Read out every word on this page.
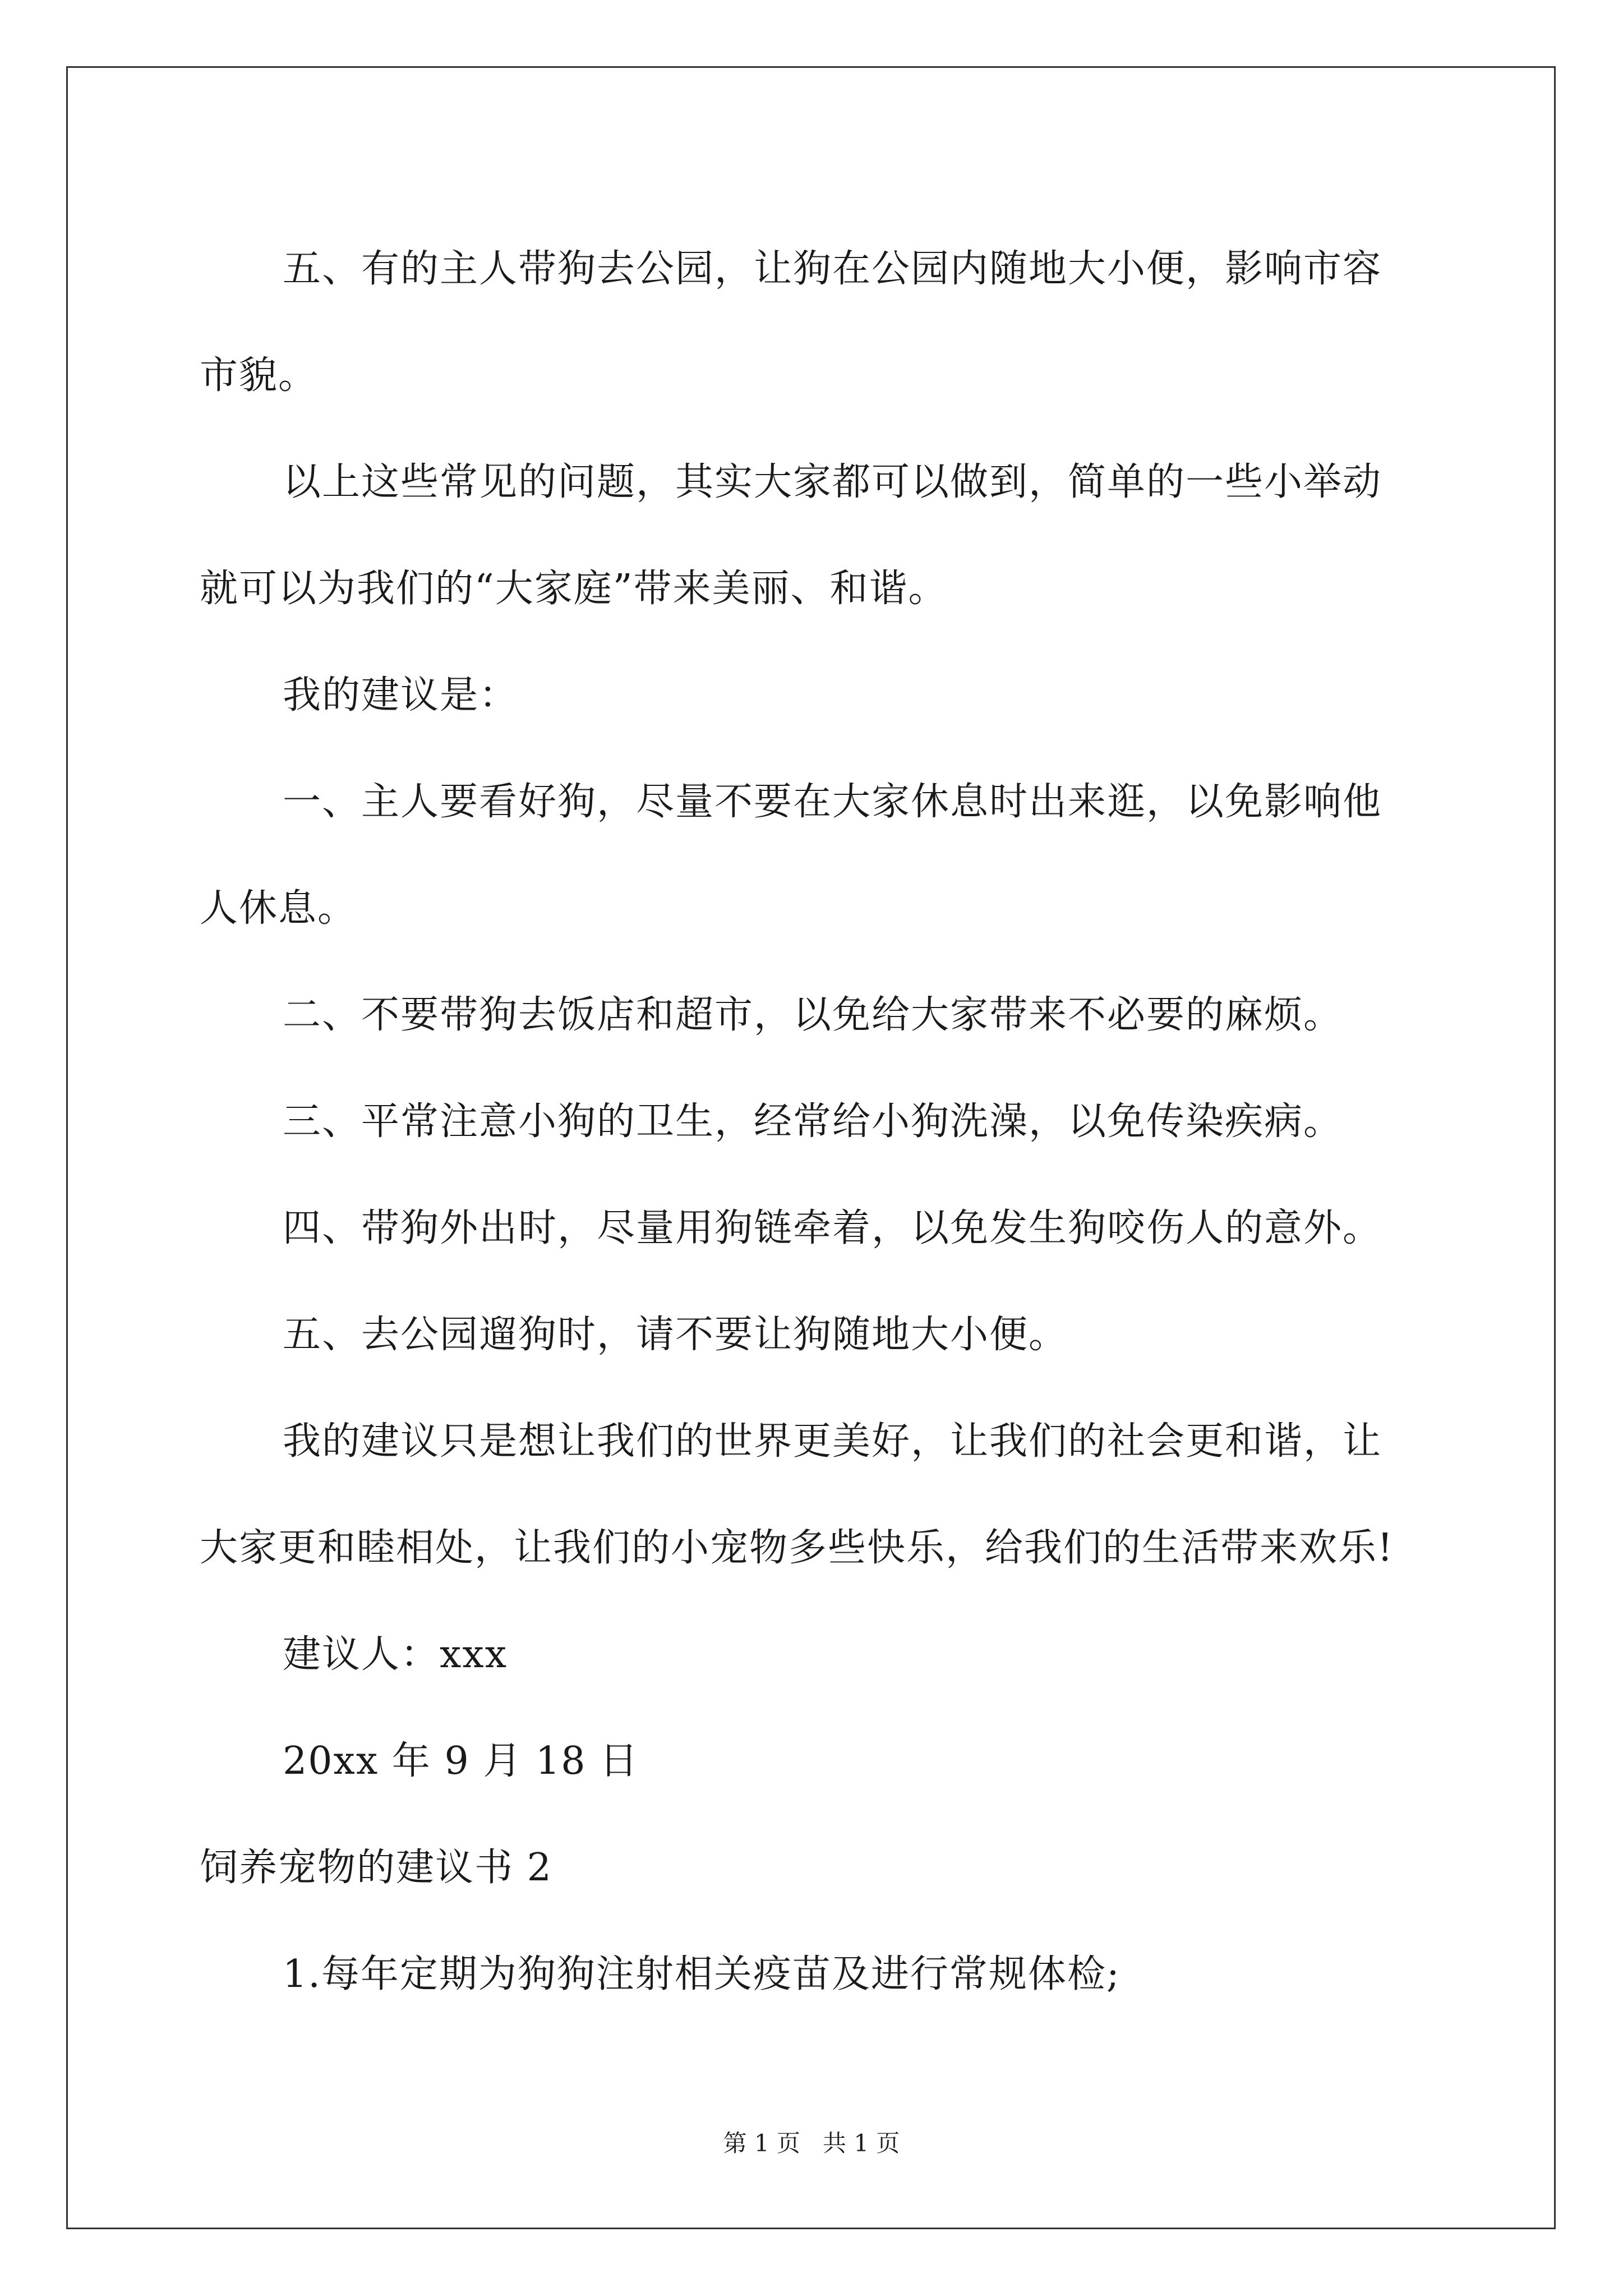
五、有的主人带狗去公园，让狗在公园内随地大小便，影响市容

市貌。

以上这些常见的问题，其实大家都可以做到，简单的一些小举动

就可以为我们的“大家庭”带来美丽、和谐。

我的建议是：

一、主人要看好狗，尽量不要在大家休息时出来逛，以免影响他

人休息。

二、不要带狗去饭店和超市，以免给大家带来不必要的麻烦。

三、平常注意小狗的卫生，经常给小狗洗澡，以免传染疾病。

四、带狗外出时，尽量用狗链牵着，以免发生狗咬伤人的意外。

五、去公园遛狗时，请不要让狗随地大小便。

我的建议只是想让我们的世界更美好，让我们的社会更和谐，让

大家更和睦相处，让我们的小宠物多些快乐，给我们的生活带来欢乐!

建议人：xxx

20xx 年 9 月 18 日

饲养宠物的建议书 2

1.每年定期为狗狗注射相关疫苗及进行常规体检;

第 1 页 共 1 页
